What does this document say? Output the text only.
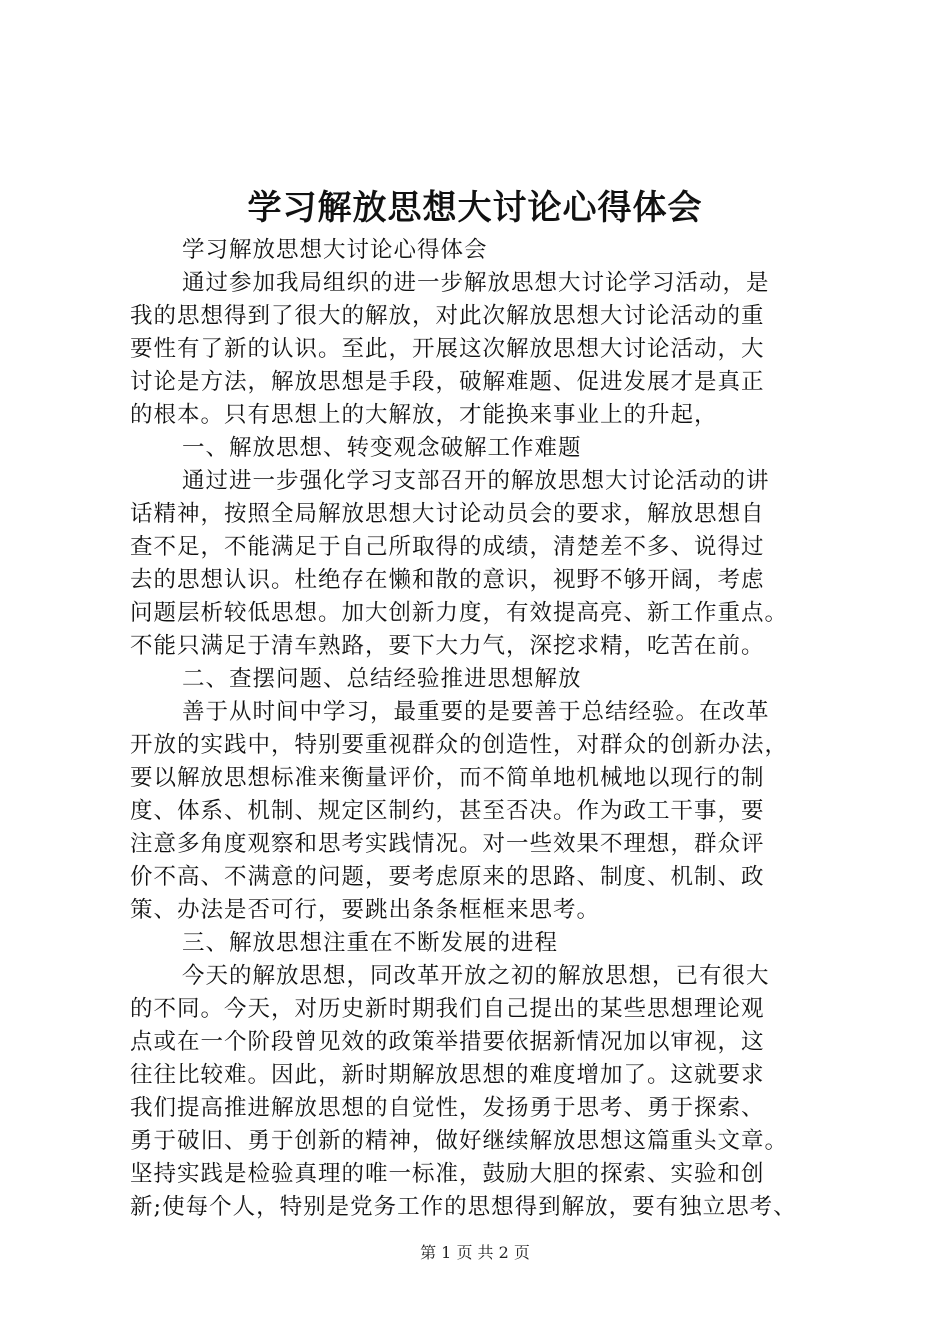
学习解放思想大讨论心得体会
学习解放思想大讨论心得体会
通过参加我局组织的进一步解放思想大讨论学习活动，是
我的思想得到了很大的解放，对此次解放思想大讨论活动的重
要性有了新的认识。至此，开展这次解放思想大讨论活动，大
讨论是方法，解放思想是手段，破解难题、促进发展才是真正
的根本。只有思想上的大解放，才能换来事业上的升起，
一、解放思想、转变观念破解工作难题
通过进一步强化学习支部召开的解放思想大讨论活动的讲
话精神，按照全局解放思想大讨论动员会的要求，解放思想自
查不足，不能满足于自己所取得的成绩，清楚差不多、说得过
去的思想认识。杜绝存在懒和散的意识，视野不够开阔，考虑
问题层析较低思想。加大创新力度，有效提高亮、新工作重点。
不能只满足于清车熟路，要下大力气，深挖求精，吃苦在前。
二、查摆问题、总结经验推进思想解放
善于从时间中学习，最重要的是要善于总结经验。在改革
开放的实践中，特别要重视群众的创造性，对群众的创新办法，
要以解放思想标准来衡量评价，而不简单地机械地以现行的制
度、体系、机制、规定区制约，甚至否决。作为政工干事，要
注意多角度观察和思考实践情况。对一些效果不理想，群众评
价不高、不满意的问题，要考虑原来的思路、制度、机制、政
策、办法是否可行，要跳出条条框框来思考。
三、解放思想注重在不断发展的进程
今天的解放思想，同改革开放之初的解放思想，已有很大
的不同。今天，对历史新时期我们自己提出的某些思想理论观
点或在一个阶段曾见效的政策举措要依据新情况加以审视，这
往往比较难。因此，新时期解放思想的难度增加了。这就要求
我们提高推进解放思想的自觉性，发扬勇于思考、勇于探索、
勇于破旧、勇于创新的精神，做好继续解放思想这篇重头文章。
坚持实践是检验真理的唯一标准，鼓励大胆的探索、实验和创
新;使每个人，特别是党务工作的思想得到解放，要有独立思考、
第 1 页 共 2 页
